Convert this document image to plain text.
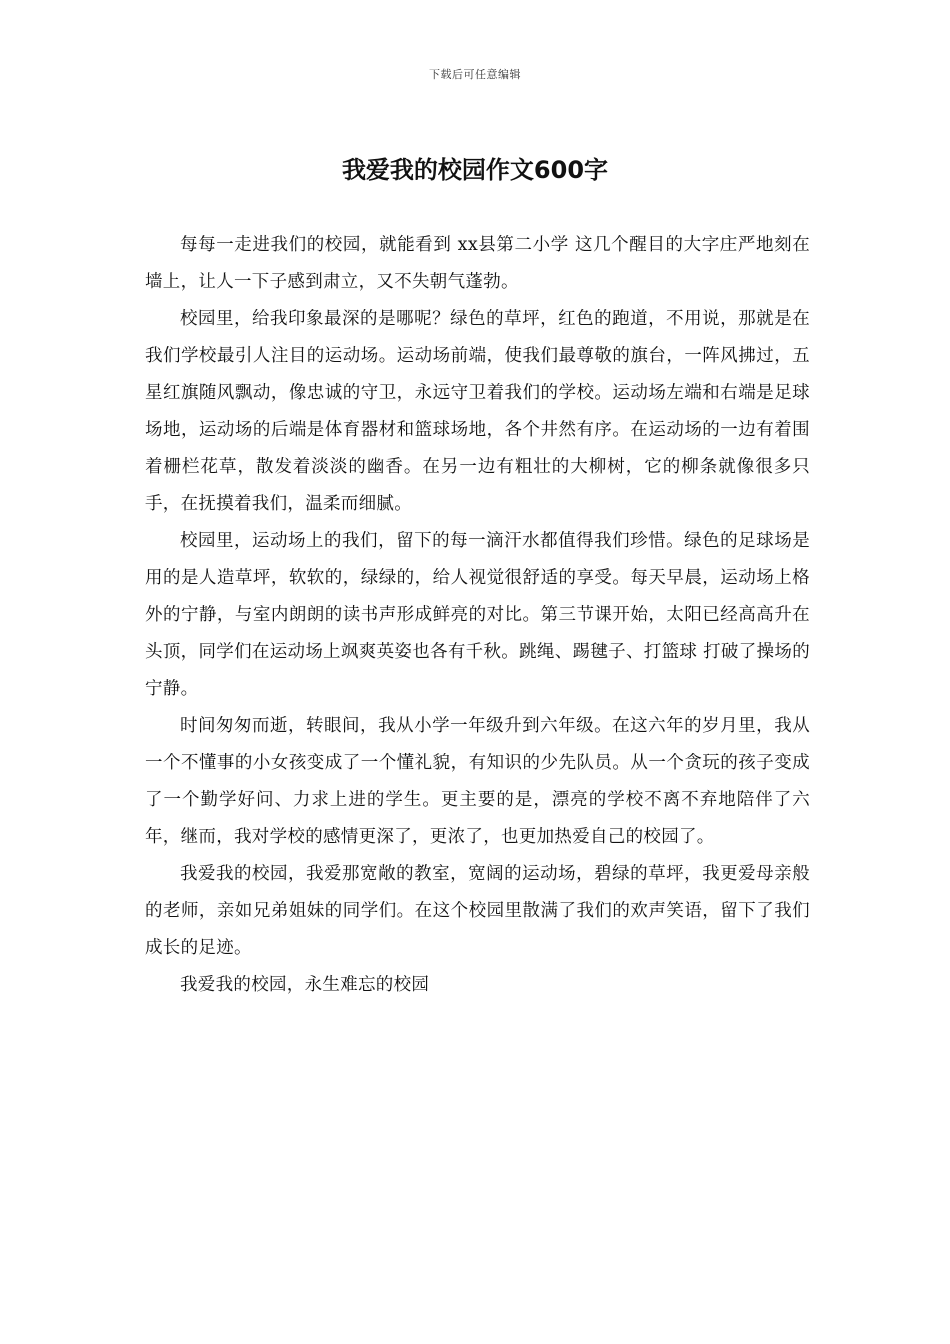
下载后可任意编辑
我爱我的校园作文600字

每每一走进我们的校园，就能看到 xx县第二小学 这几个醒目的大字庄严地刻在墙上，让人一下子感到肃立，又不失朝气蓬勃。

校园里，给我印象最深的是哪呢？绿色的草坪，红色的跑道，不用说，那就是在我们学校最引人注目的运动场。运动场前端，使我们最尊敬的旗台，一阵风拂过，五星红旗随风飘动，像忠诚的守卫，永远守卫着我们的学校。运动场左端和右端是足球场地，运动场的后端是体育器材和篮球场地，各个井然有序。在运动场的一边有着围着栅栏花草，散发着淡淡的幽香。在另一边有粗壮的大柳树，它的柳条就像很多只手，在抚摸着我们，温柔而细腻。

校园里，运动场上的我们，留下的每一滴汗水都值得我们珍惜。绿色的足球场是用的是人造草坪，软软的，绿绿的，给人视觉很舒适的享受。每天早晨，运动场上格外的宁静，与室内朗朗的读书声形成鲜亮的对比。第三节课开始，太阳已经高高升在头顶，同学们在运动场上飒爽英姿也各有千秋。跳绳、踢毽子、打篮球 打破了操场的宁静。

时间匆匆而逝，转眼间，我从小学一年级升到六年级。在这六年的岁月里，我从一个不懂事的小女孩变成了一个懂礼貌，有知识的少先队员。从一个贪玩的孩子变成了一个勤学好问、力求上进的学生。更主要的是，漂亮的学校不离不弃地陪伴了六年，继而，我对学校的感情更深了，更浓了，也更加热爱自己的校园了。

我爱我的校园，我爱那宽敞的教室，宽阔的运动场，碧绿的草坪，我更爱母亲般的老师，亲如兄弟姐妹的同学们。在这个校园里散满了我们的欢声笑语，留下了我们成长的足迹。

我爱我的校园，永生难忘的校园
